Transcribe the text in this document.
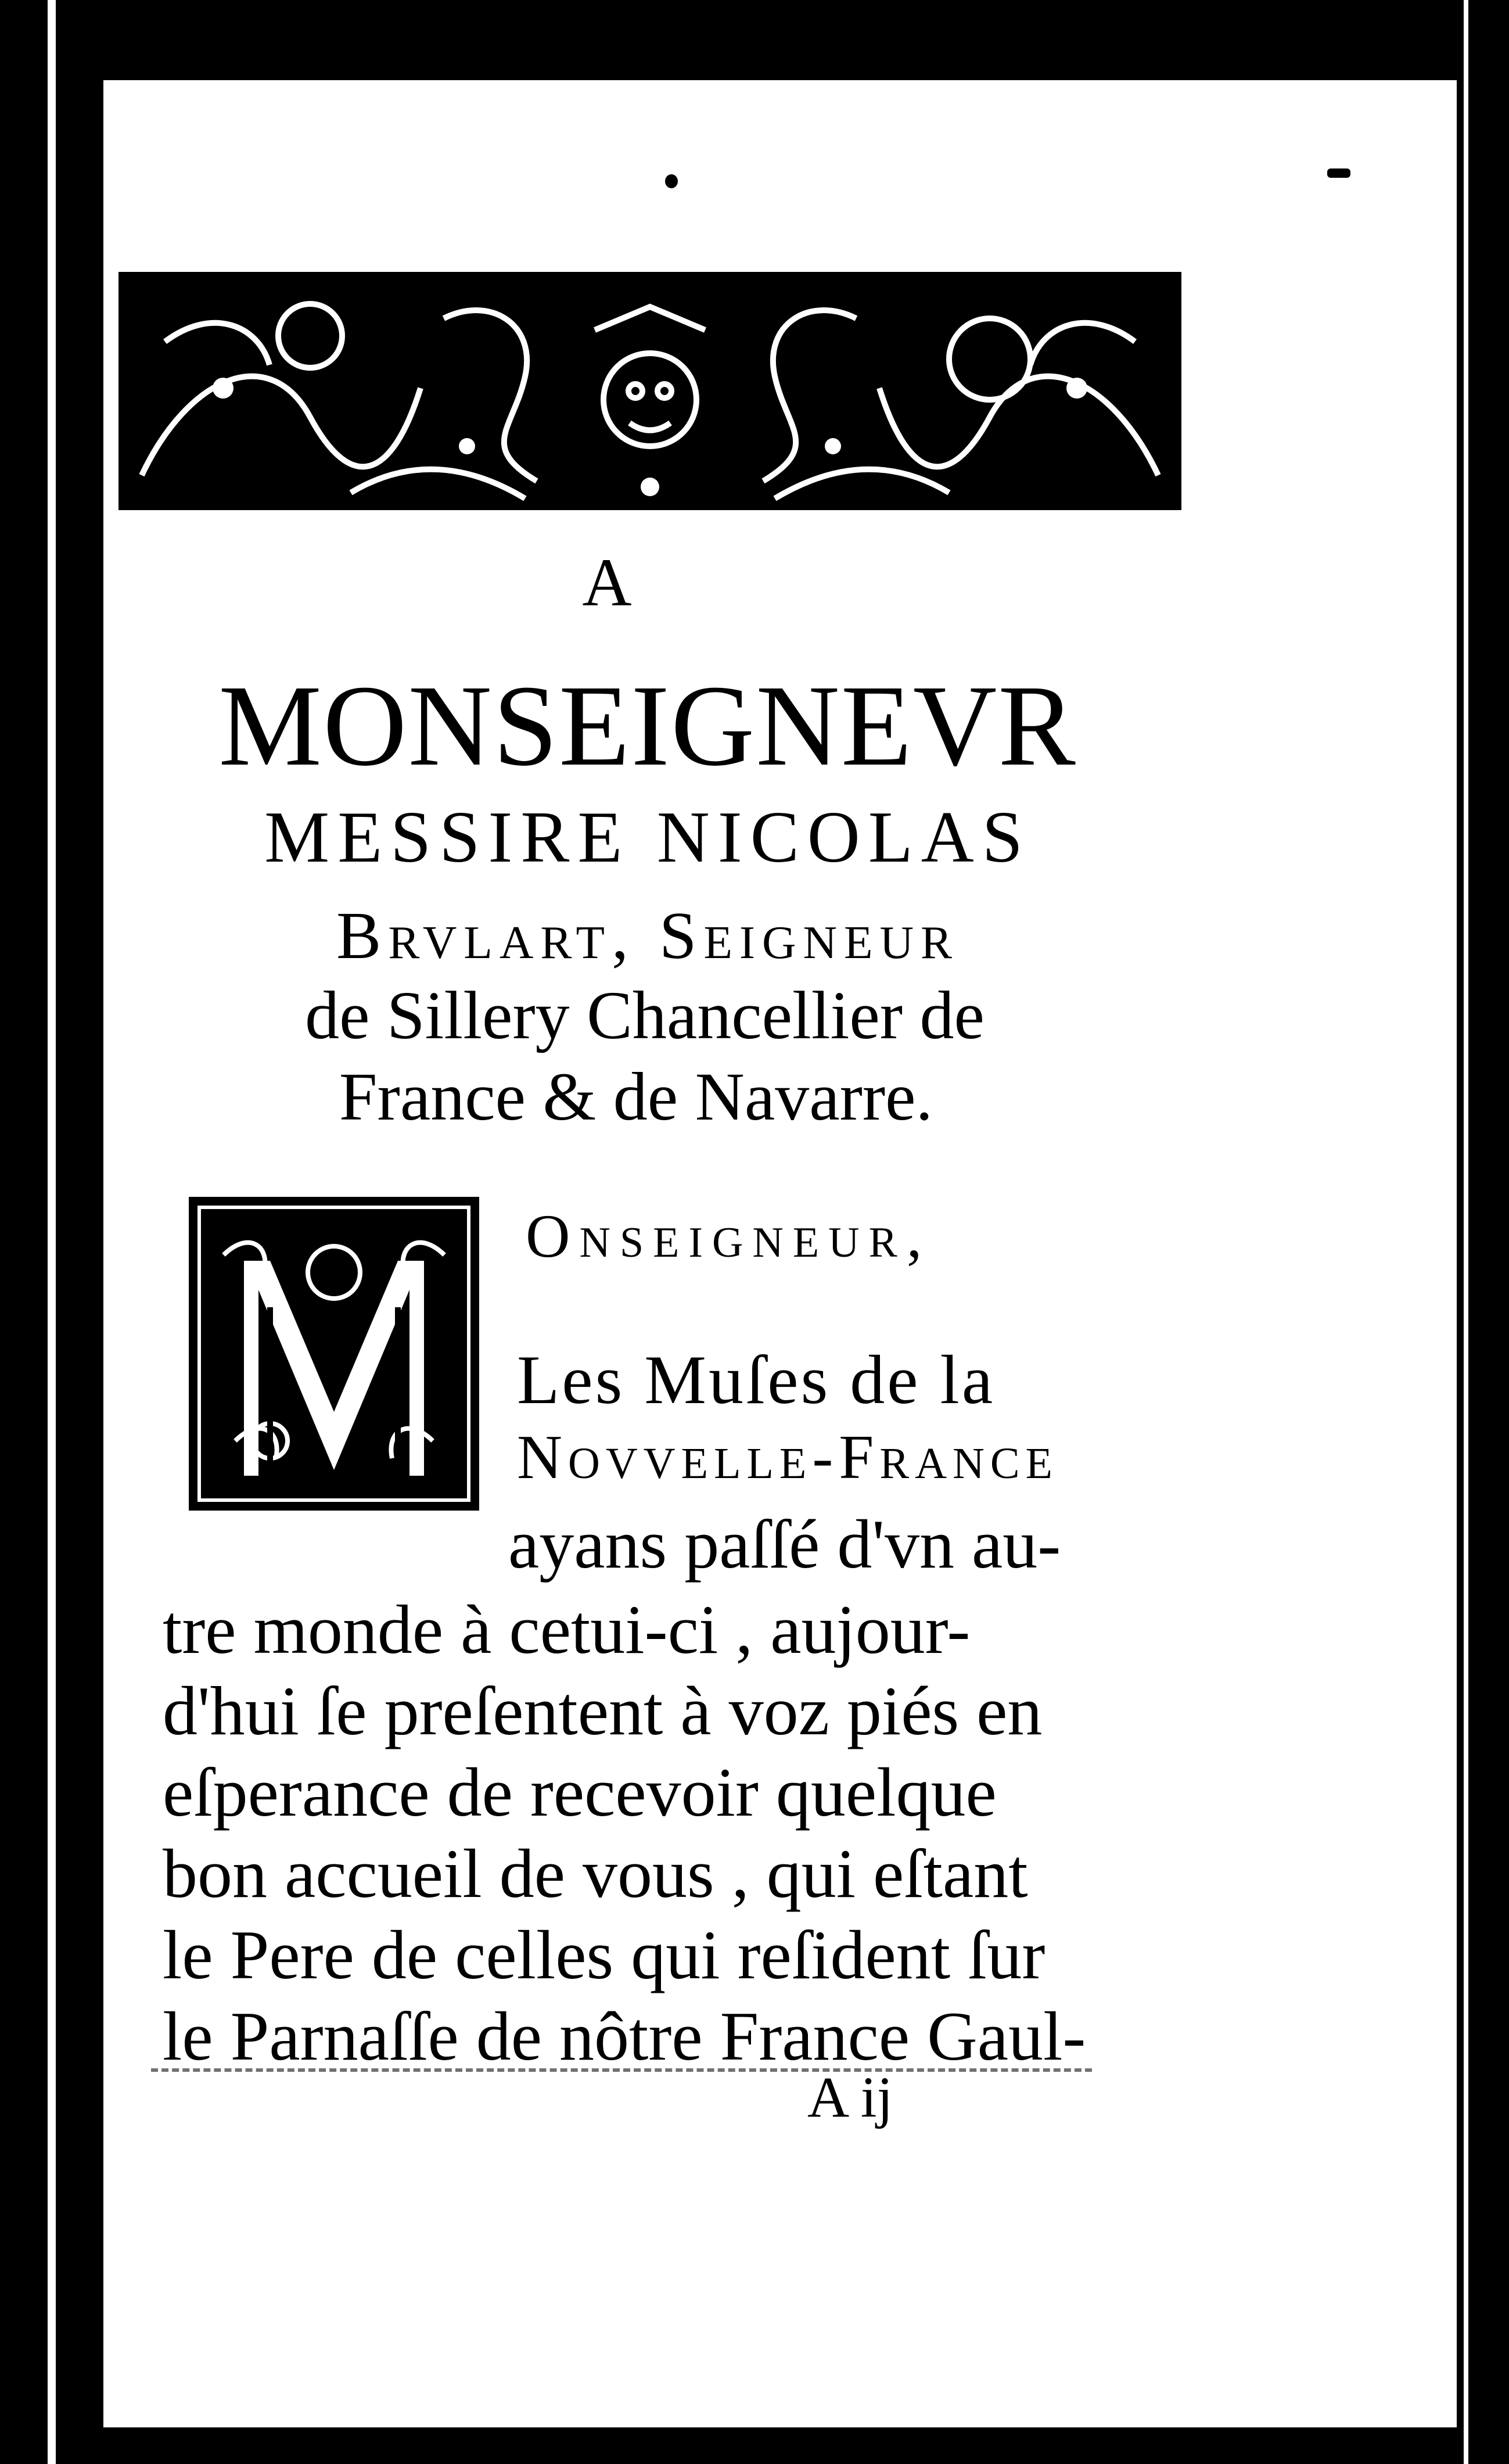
A
MONSEIGNEVR
MESSIRE NICOLAS
Brvlart, Seigneur
de Sillery Chancellier de
France & de Navarre.
Onseigneur,
Les Muſes de la
Novvelle-France
ayans paſſé d'vn au-
tre monde à cetui-ci , aujour-
d'hui ſe preſentent à voz piés en
eſperance de recevoir quelque
bon accueil de vous , qui eſtant
le Pere de celles qui reſident ſur
le Parnaſſe de nôtre France Gaul-
A ij
